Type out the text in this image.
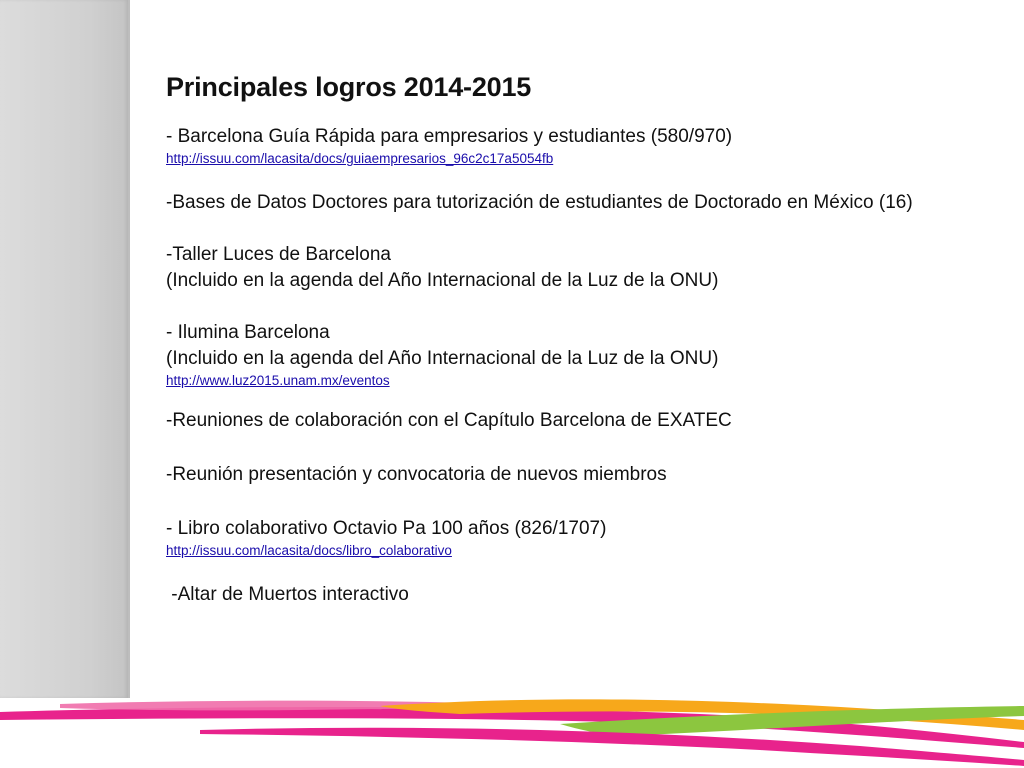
Principales logros 2014-2015
- Barcelona Guía Rápida para empresarios y estudiantes (580/970)
http://issuu.com/lacasita/docs/guiaempresarios_96c2c17a5054fb
-Bases de Datos Doctores para tutorización de estudiantes de Doctorado en México (16)
-Taller Luces de Barcelona
(Incluido en la agenda del Año Internacional de la Luz de la ONU)
- Ilumina Barcelona
(Incluido en la agenda del Año Internacional de la Luz de la ONU)
http://www.luz2015.unam.mx/eventos
-Reuniones de colaboración con el Capítulo Barcelona de EXATEC
-Reunión presentación y convocatoria de nuevos miembros
- Libro colaborativo Octavio Pa 100 años (826/1707)
http://issuu.com/lacasita/docs/libro_colaborativo
-Altar de Muertos interactivo
